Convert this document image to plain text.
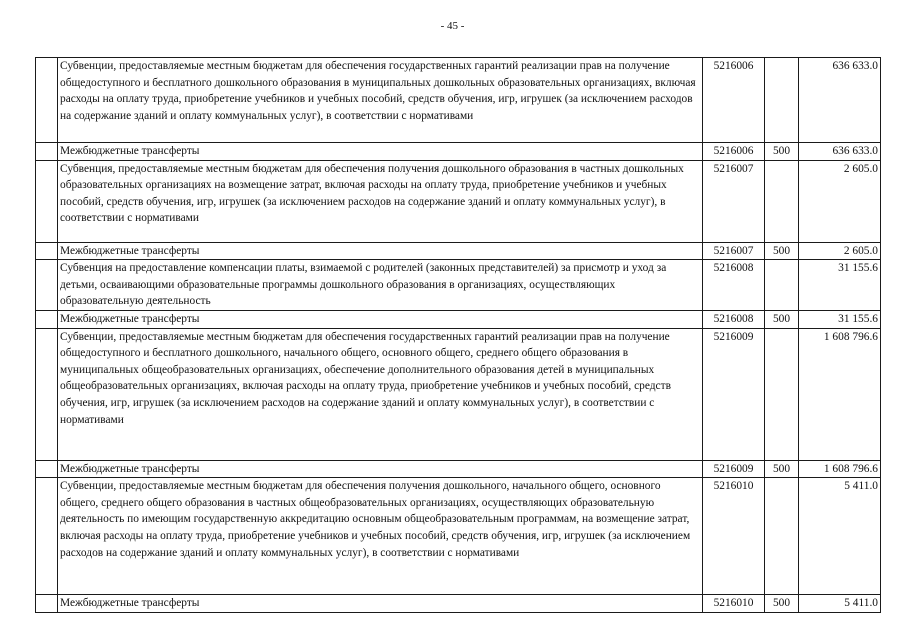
- 45 -
	Субвенции, предоставляемые местным бюджетам для обеспечения государственных гарантий реализации прав на получение общедоступного и бесплатного дошкольного образования в муниципальных дошкольных образовательных организациях, включая расходы на оплату труда, приобретение учебников и учебных пособий, средств обучения, игр, игрушек (за исключением расходов на содержание зданий и оплату коммунальных услуг), в соответствии с нормативами	5216006		636 633.0
	Межбюджетные трансферты	5216006	500	636 633.0
	Субвенция, предоставляемые местным бюджетам для обеспечения получения дошкольного образования в частных дошкольных образовательных организациях на возмещение затрат, включая расходы на оплату труда, приобретение учебников и учебных пособий, средств обучения, игр, игрушек (за исключением расходов на содержание зданий и оплату коммунальных услуг), в соответствии с нормативами	5216007		2 605.0
	Межбюджетные трансферты	5216007	500	2 605.0
	Субвенция на предоставление компенсации платы, взимаемой с родителей (законных представителей) за присмотр и уход за детьми, осваивающими образовательные программы дошкольного образования в организациях, осуществляющих образовательную деятельность	5216008		31 155.6
	Межбюджетные трансферты	5216008	500	31 155.6
	Субвенции, предоставляемые местным бюджетам для обеспечения государственных гарантий реализации прав на получение общедоступного и бесплатного дошкольного, начального общего, основного общего, среднего общего образования в муниципальных общеобразовательных организациях, обеспечение дополнительного образования детей в муниципальных общеобразовательных организациях, включая расходы на оплату труда, приобретение учебников и учебных пособий, средств обучения, игр, игрушек (за исключением расходов на содержание зданий и оплату коммунальных услуг), в соответствии с нормативами	5216009		1 608 796.6
	Межбюджетные трансферты	5216009	500	1 608 796.6
	Субвенции, предоставляемые местным бюджетам для обеспечения получения дошкольного, начального общего, основного общего, среднего общего образования в частных общеобразовательных организациях, осуществляющих образовательную деятельность по имеющим государственную аккредитацию основным общеобразовательным программам, на возмещение затрат, включая расходы на оплату труда, приобретение учебников и учебных пособий, средств обучения, игр, игрушек (за исключением расходов на содержание зданий и оплату коммунальных услуг), в соответствии с нормативами	5216010		5 411.0
	Межбюджетные трансферты	5216010	500	5 411.0
